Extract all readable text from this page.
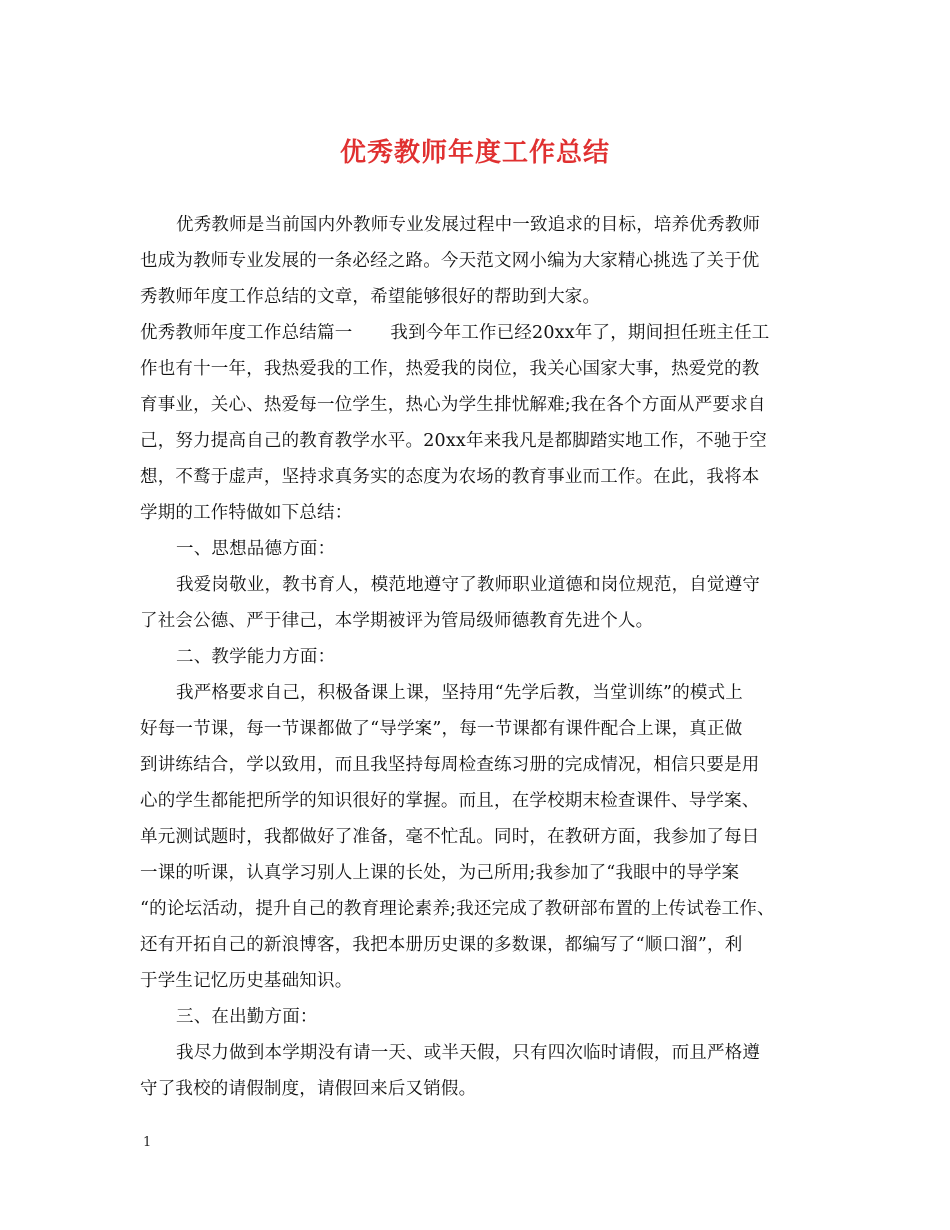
优秀教师年度工作总结
优秀教师是当前国内外教师专业发展过程中一致追求的目标，培养优秀教师
也成为教师专业发展的一条必经之路。今天范文网小编为大家精心挑选了关于优
秀教师年度工作总结的文章，希望能够很好的帮助到大家。
优秀教师年度工作总结篇一 我到今年工作已经20xx年了，期间担任班主任工
作也有十一年，我热爱我的工作，热爱我的岗位，我关心国家大事，热爱党的教
育事业，关心、热爱每一位学生，热心为学生排忧解难;我在各个方面从严要求自
己，努力提高自己的教育教学水平。20xx年来我凡是都脚踏实地工作，不驰于空
想，不鹜于虚声，坚持求真务实的态度为农场的教育事业而工作。在此，我将本
学期的工作特做如下总结：
一、思想品德方面：
我爱岗敬业，教书育人，模范地遵守了教师职业道德和岗位规范，自觉遵守
了社会公德、严于律己，本学期被评为管局级师德教育先进个人。
二、教学能力方面：
我严格要求自己，积极备课上课，坚持用“先学后教，当堂训练”的模式上
好每一节课，每一节课都做了“导学案”，每一节课都有课件配合上课，真正做
到讲练结合，学以致用，而且我坚持每周检查练习册的完成情况，相信只要是用
心的学生都能把所学的知识很好的掌握。而且，在学校期末检查课件、导学案、
单元测试题时，我都做好了准备，毫不忙乱。同时，在教研方面，我参加了每日
一课的听课，认真学习别人上课的长处，为己所用;我参加了“我眼中的导学案
“的论坛活动，提升自己的教育理论素养;我还完成了教研部布置的上传试卷工作、
还有开拓自己的新浪博客，我把本册历史课的多数课，都编写了“顺口溜”，利
于学生记忆历史基础知识。
三、在出勤方面：
我尽力做到本学期没有请一天、或半天假，只有四次临时请假，而且严格遵
守了我校的请假制度，请假回来后又销假。
1
